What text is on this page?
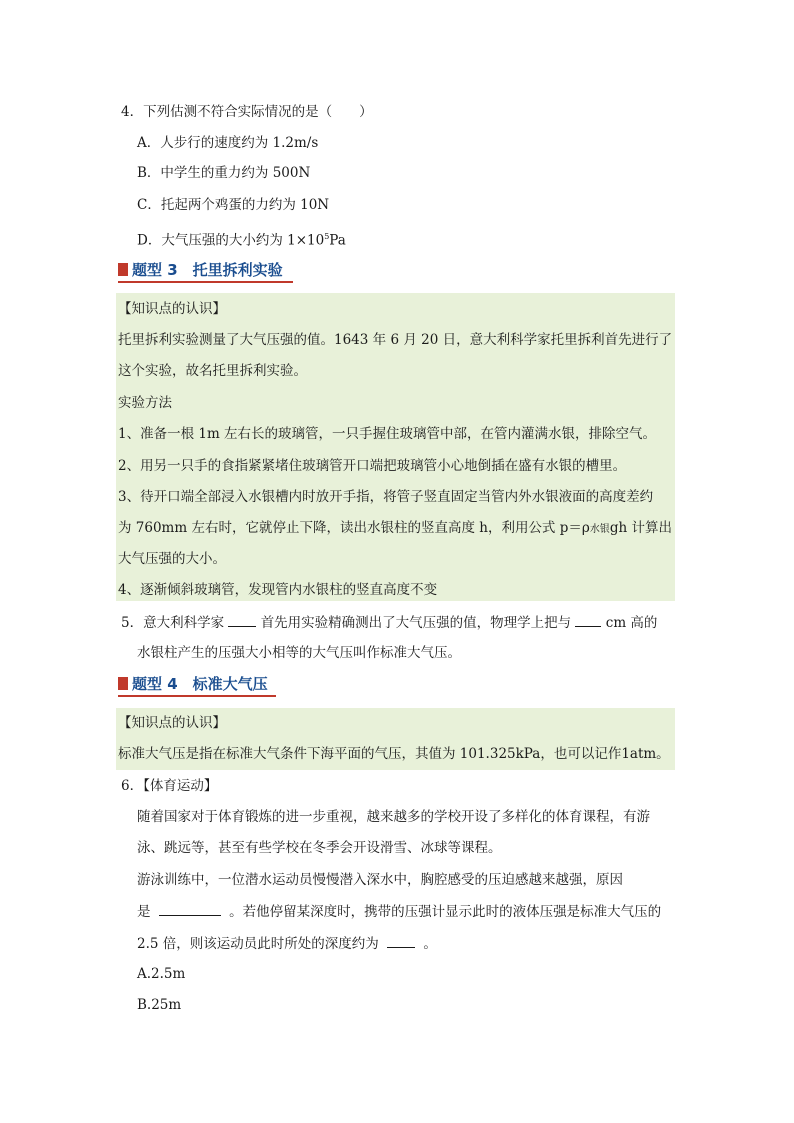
4．下列估测不符合实际情况的是（　　）
A．人步行的速度约为 1.2m/s
B．中学生的重力约为 500N
C．托起两个鸡蛋的力约为 10N
D．大气压强的大小约为 $1\times 10^5Pa$
题型 3　托里拆利实验
【知识点的认识】
托里拆利实验测量了大气压强的值。1643 年 6 月 20 日，意大利科学家托里拆利首先进行了
这个实验，故名托里拆利实验。
实验方法
1、准备一根 1m 左右长的玻璃管，一只手握住玻璃管中部，在管内灌满水银，排除空气。
2、用另一只手的食指紧紧堵住玻璃管开口端把玻璃管小心地倒插在盛有水银的槽里。
3、待开口端全部浸入水银槽内时放开手指，将管子竖直固定当管内外水银液面的高度差约
为 760mm 左右时，它就停止下降，读出水银柱的竖直高度 h，利用公式 p＝ρ水银gh 计算出
大气压强的大小。
4、逐渐倾斜玻璃管，发现管内水银柱的竖直高度不变
5．意大利科学家	首先用实验精确测出了大气压强的值，物理学上把与	cm 高的
水银柱产生的压强大小相等的大气压叫作标准大气压。
题型 4　标准大气压
【知识点的认识】
标准大气压是指在标准大气条件下海平面的气压，其值为 101.325kPa，也可以记作1atm。
6．【体育运动】
随着国家对于体育锻炼的进一步重视，越来越多的学校开设了多样化的体育课程，有游
泳、跳远等，甚至有些学校在冬季会开设滑雪、冰球等课程。
游泳训练中，一位潜水运动员慢慢潜入深水中，胸腔感受的压迫感越来越强，原因
是	。若他停留某深度时，携带的压强计显示此时的液体压强是标准大气压的
2.5 倍，则该运动员此时所处的深度约为	。
A.2.5m
B.25m
